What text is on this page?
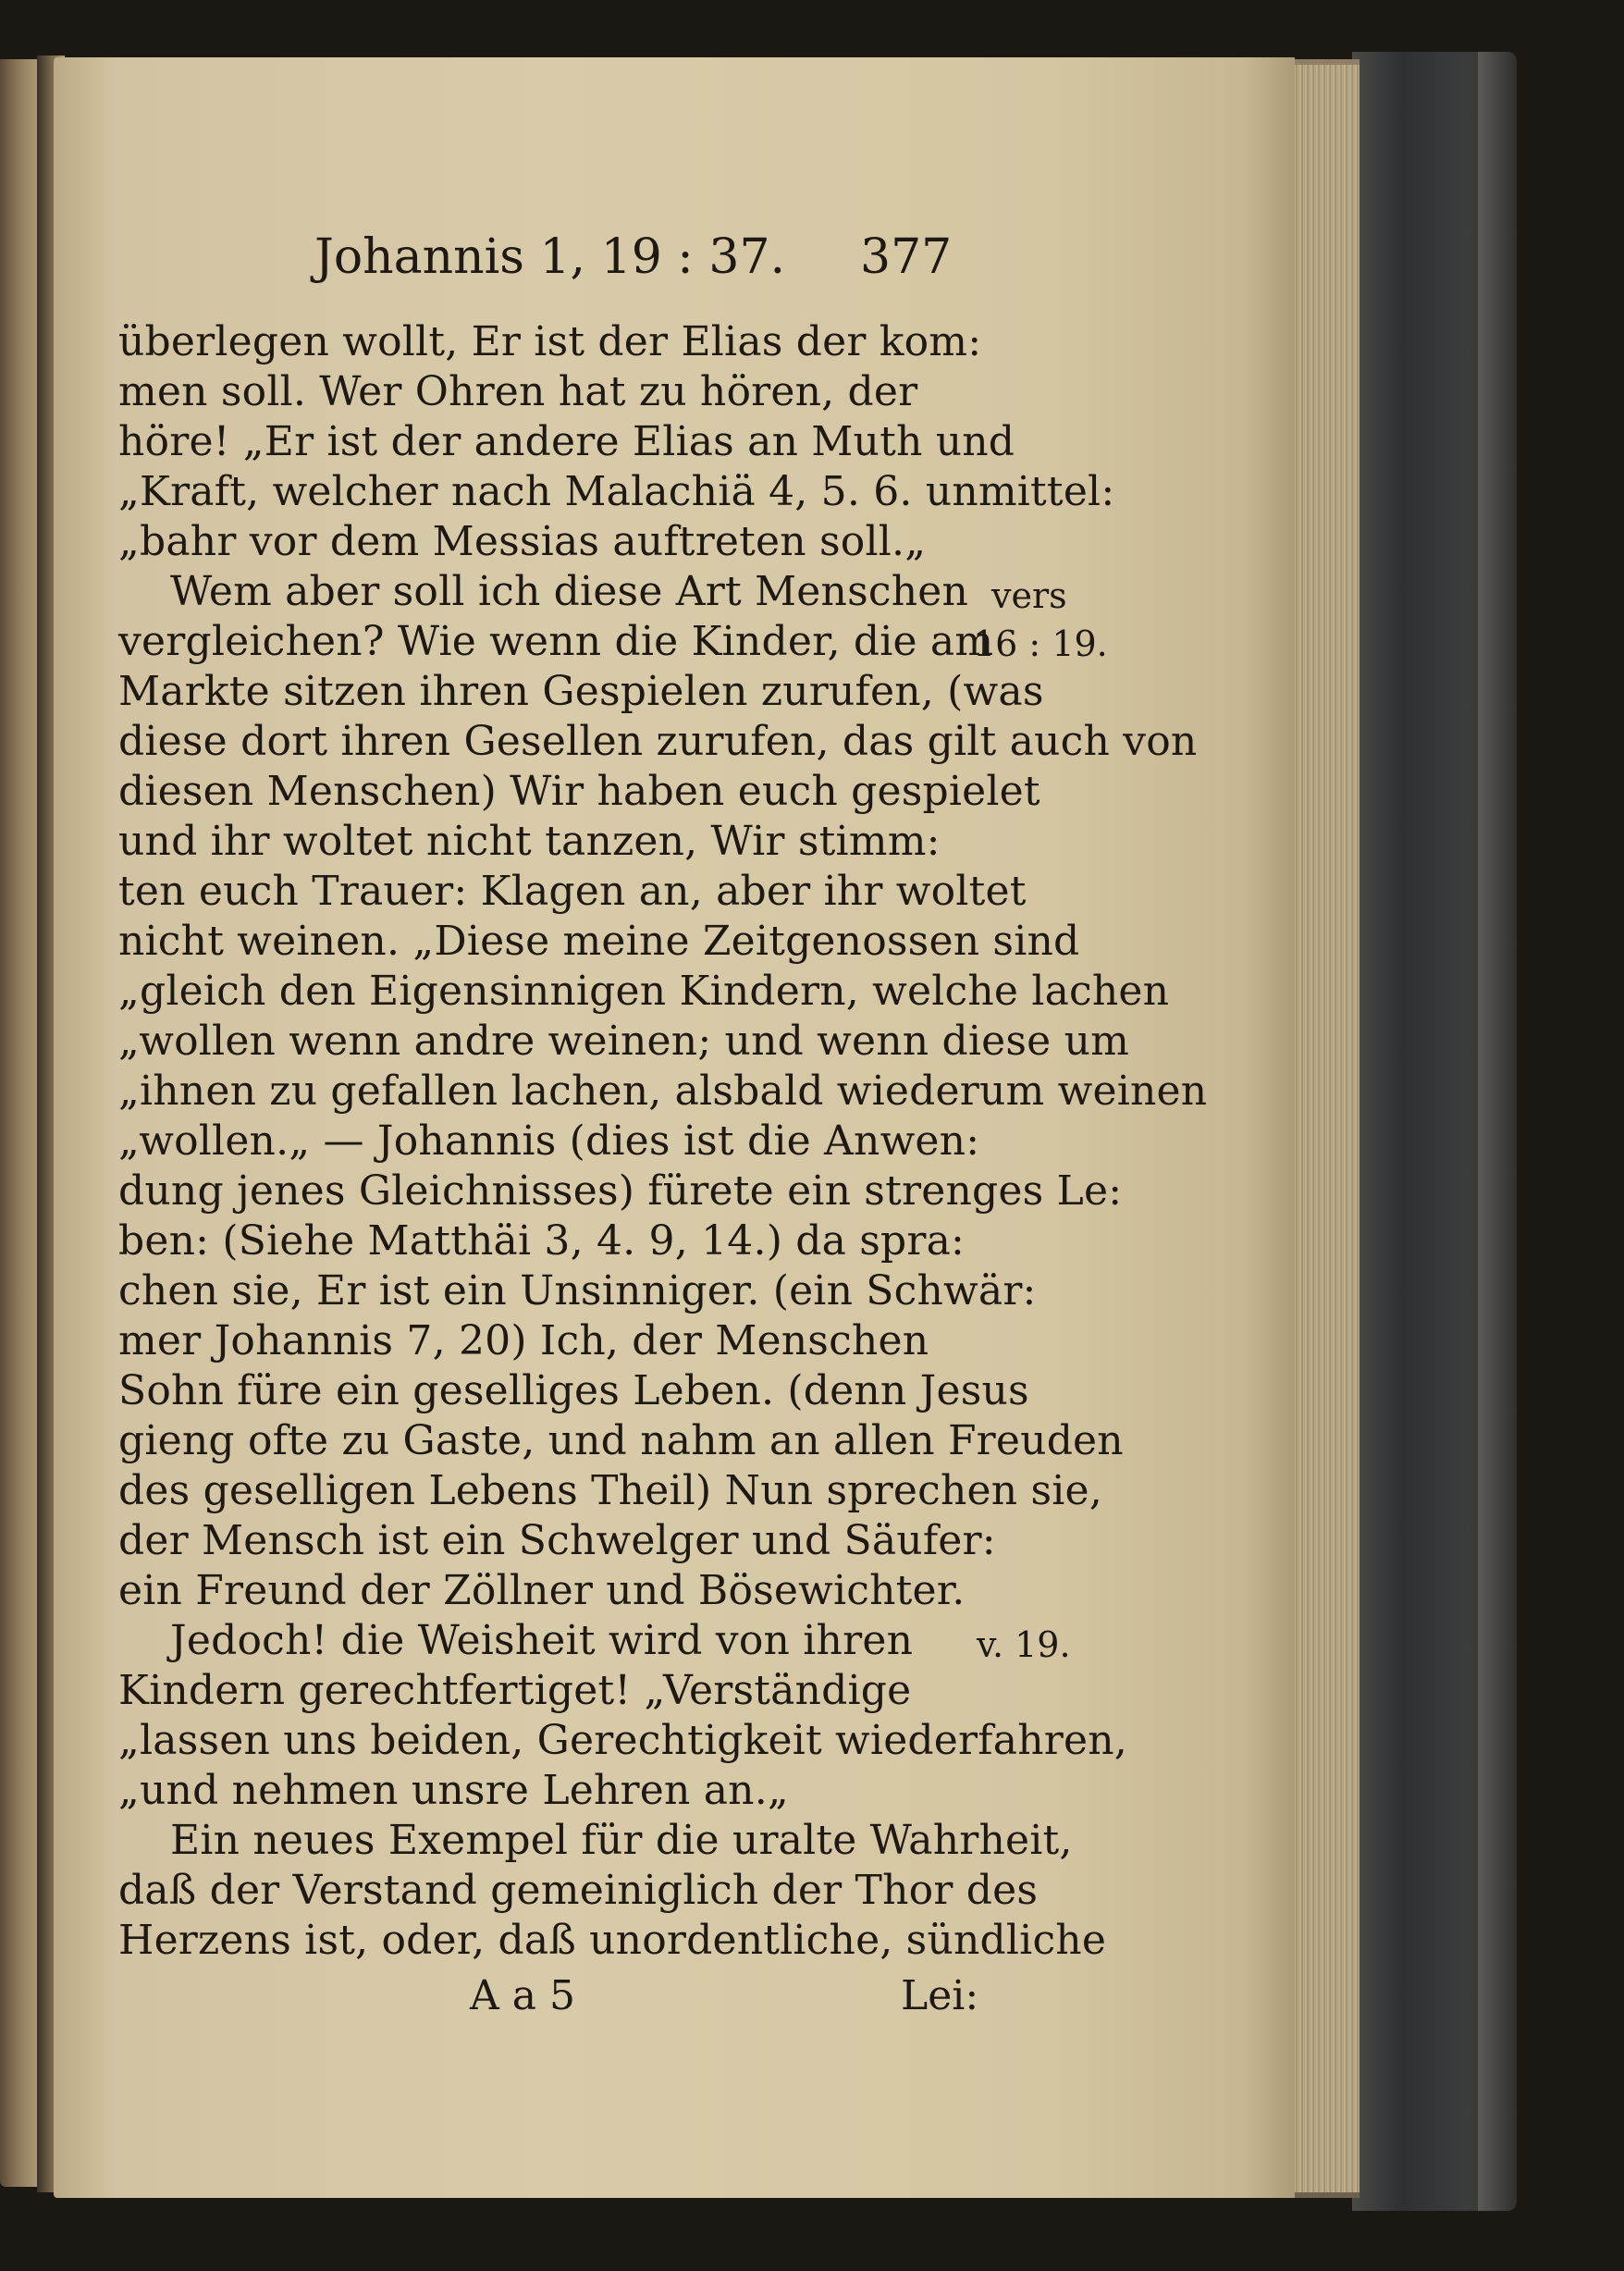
Johannis 1, 19 : 37. 377
überlegen wollt, Er ist der Elias der kom:
men soll. Wer Ohren hat zu hören, der
höre! „Er ist der andere Elias an Muth und
„Kraft, welcher nach Malachiä 4, 5. 6. unmittel:
„bahr vor dem Messias auftreten soll.„
Wem aber soll ich diese Art Menschen
vergleichen? Wie wenn die Kinder, die am
Markte sitzen ihren Gespielen zurufen, (was
diese dort ihren Gesellen zurufen, das gilt auch von
diesen Menschen) Wir haben euch gespielet
und ihr woltet nicht tanzen, Wir stimm:
ten euch Trauer: Klagen an, aber ihr woltet
nicht weinen. „Diese meine Zeitgenossen sind
„gleich den Eigensinnigen Kindern, welche lachen
„wollen wenn andre weinen; und wenn diese um
„ihnen zu gefallen lachen, alsbald wiederum weinen
„wollen.„ — Johannis (dies ist die Anwen:
dung jenes Gleichnisses) fürete ein strenges Le:
ben: (Siehe Matthäi 3, 4. 9, 14.) da spra:
chen sie, Er ist ein Unsinniger. (ein Schwär:
mer Johannis 7, 20) Ich, der Menschen
Sohn füre ein geselliges Leben. (denn Jesus
gieng ofte zu Gaste, und nahm an allen Freuden
des geselligen Lebens Theil) Nun sprechen sie,
der Mensch ist ein Schwelger und Säufer:
ein Freund der Zöllner und Bösewichter.
Jedoch! die Weisheit wird von ihren
Kindern gerechtfertiget! „Verständige
„lassen uns beiden, Gerechtigkeit wiederfahren,
„und nehmen unsre Lehren an.„
Ein neues Exempel für die uralte Wahrheit,
daß der Verstand gemeiniglich der Thor des
Herzens ist, oder, daß unordentliche, sündliche
vers
16 : 19.
v. 19.
A a 5	Lei:
